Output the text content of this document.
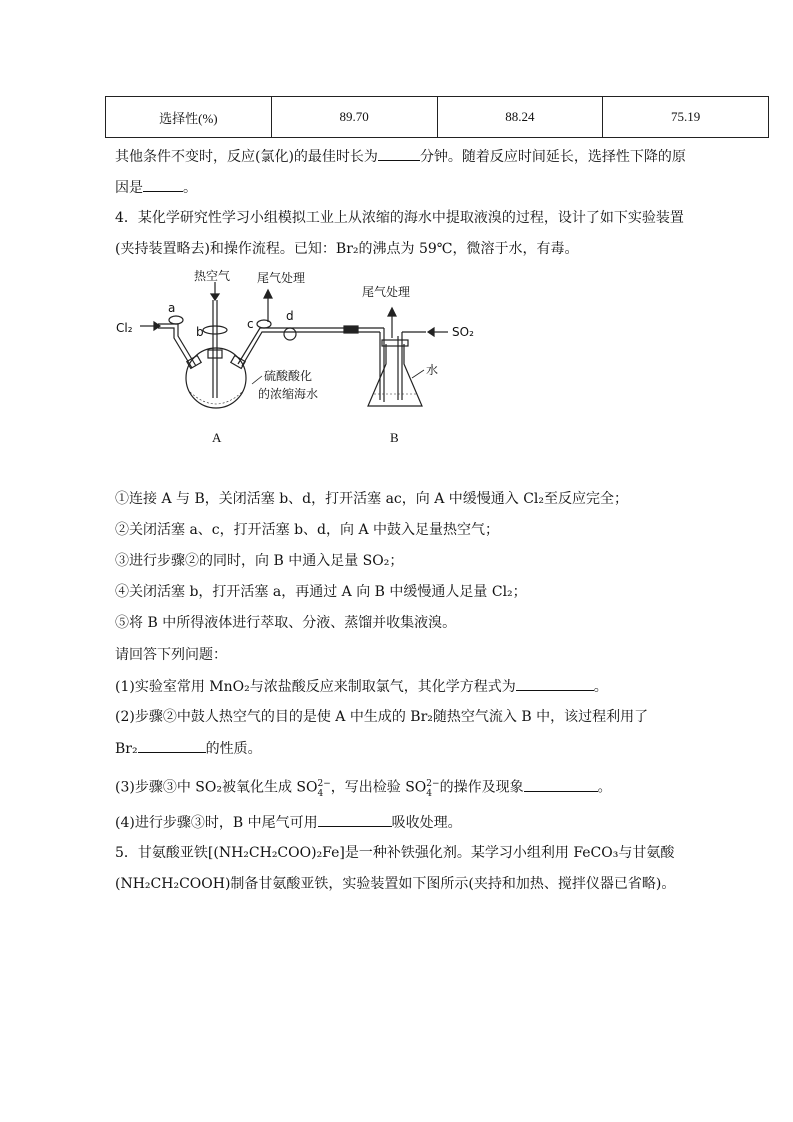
选择性(%)	89.70	88.24	75.19
其他条件不变时，反应(氯化)的最佳时长为	分钟。随着反应时间延长，选择性下降的原
因是	。
4．某化学研究性学习小组模拟工业上从浓缩的海水中提取液溴的过程，设计了如下实验装置
(夹持装置略去)和操作流程。已知：Br₂的沸点为 59℃，微溶于水，有毒。
热空气 尾气处理
尾气处理
Cl₂	SO₂
水
硫酸酸化
的浓缩海水
a
b
c
d
A	B
①连接 A 与 B，关闭活塞 b、d，打开活塞 ac，向 A 中缓慢通入 Cl₂至反应完全；
②关闭活塞 a、c，打开活塞 b、d，向 A 中鼓入足量热空气；
③进行步骤②的同时，向 B 中通入足量 SO₂；
④关闭活塞 b，打开活塞 a，再通过 A 向 B 中缓慢通人足量 Cl₂；
⑤将 B 中所得液体进行萃取、分液、蒸馏并收集液溴。
请回答下列问题：
(1)实验室常用 MnO₂与浓盐酸反应来制取氯气，其化学方程式为	。
(2)步骤②中鼓人热空气的目的是使 A 中生成的 Br₂随热空气流入 B 中，该过程利用了
Br₂	的性质。
(3)步骤③中 SO₂被氧化生成 $SO^{2-}$
4 ，写出检验 $SO^{2-}$
4 的操作及现象	。
(4)进行步骤③时，B 中尾气可用	吸收处理。
5．甘氨酸亚铁[(NH₂CH₂COO)₂Fe]是一种补铁强化剂。某学习小组利用 FeCO₃与甘氨酸
(NH₂CH₂COOH)制备甘氨酸亚铁，实验装置如下图所示(夹持和加热、搅拌仪器已省略)。
